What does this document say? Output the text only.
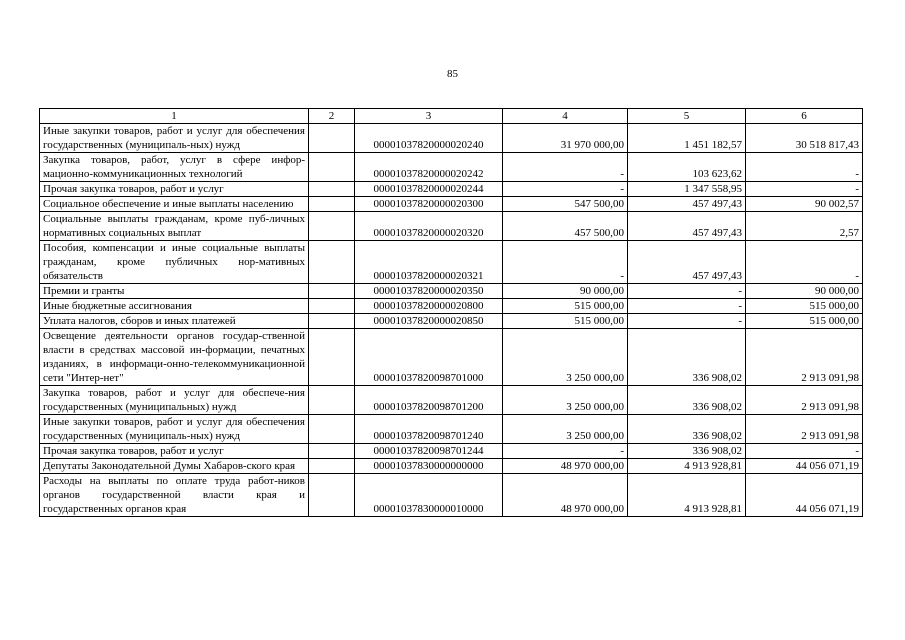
85
1	2	3	4	5	6
Иные закупки товаров, работ и услуг для обеспечения государственных (муниципаль-ных) нужд		00001037820000020240	31 970 000,00	1 451 182,57	30 518 817,43
Закупка товаров, работ, услуг в сфере инфор-мационно-коммуникационных технологий		00001037820000020242	-	103 623,62	-
Прочая закупка товаров, работ и услуг		00001037820000020244	-	1 347 558,95	-
Социальное обеспечение и иные выплаты населению		00001037820000020300	547 500,00	457 497,43	90 002,57
Социальные выплаты гражданам, кроме пуб-личных нормативных социальных выплат		00001037820000020320	457 500,00	457 497,43	2,57
Пособия, компенсации и иные социальные выплаты гражданам, кроме публичных нор-мативных обязательств		00001037820000020321	-	457 497,43	-
Премии и гранты		00001037820000020350	90 000,00	-	90 000,00
Иные бюджетные ассигнования		00001037820000020800	515 000,00	-	515 000,00
Уплата налогов, сборов и иных платежей		00001037820000020850	515 000,00	-	515 000,00
Освещение деятельности органов государ-ственной власти в средствах массовой ин-формации, печатных изданиях, в информаци-онно-телекоммуникационной сети "Интер-нет"		00001037820098701000	3 250 000,00	336 908,02	2 913 091,98
Закупка товаров, работ и услуг для обеспече-ния государственных (муниципальных) нужд		00001037820098701200	3 250 000,00	336 908,02	2 913 091,98
Иные закупки товаров, работ и услуг для обеспечения государственных (муниципаль-ных) нужд		00001037820098701240	3 250 000,00	336 908,02	2 913 091,98
Прочая закупка товаров, работ и услуг		00001037820098701244	-	336 908,02	-
Депутаты Законодательной Думы Хабаров-ского края		00001037830000000000	48 970 000,00	4 913 928,81	44 056 071,19
Расходы на выплаты по оплате труда работ-ников органов государственной власти края и государственных органов края		00001037830000010000	48 970 000,00	4 913 928,81	44 056 071,19
